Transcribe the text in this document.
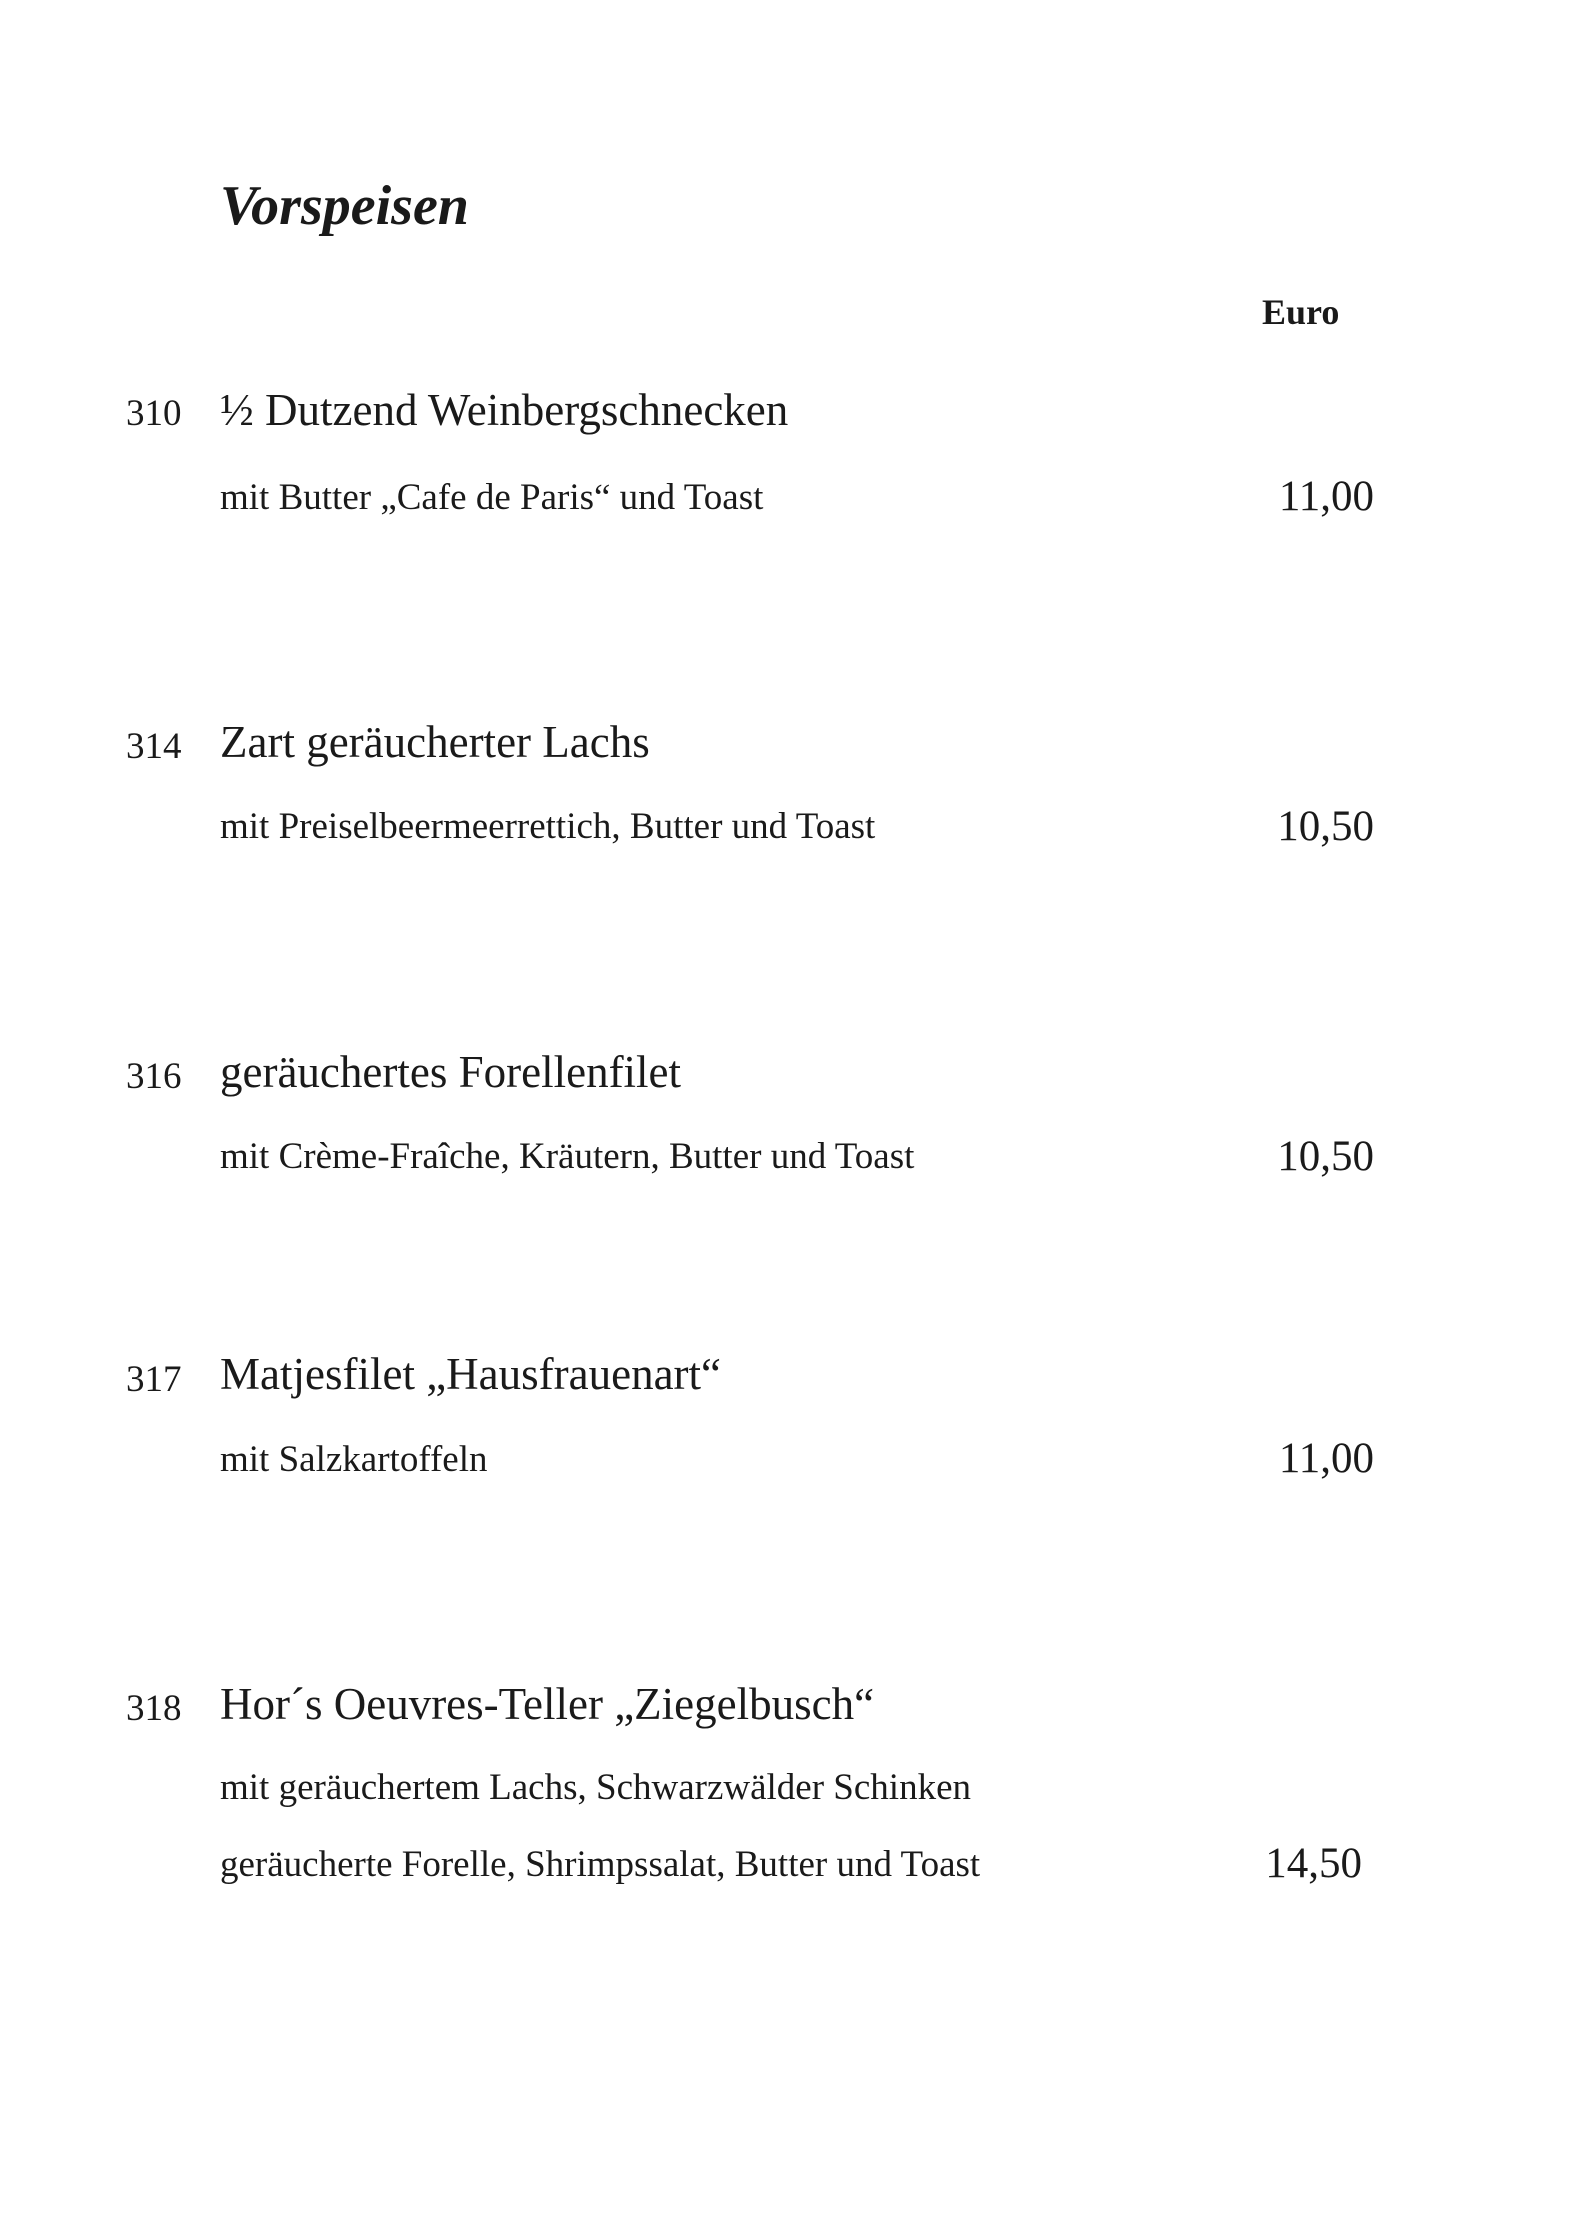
Vorspeisen
Euro
310 ½ Dutzend Weinbergschnecken
mit Butter „Cafe de Paris“ und Toast	11,00
314 Zart geräucherter Lachs
mit Preiselbeermeerrettich, Butter und Toast	10,50
316 geräuchertes Forellenfilet
mit Crème-Fraîche, Kräutern, Butter und Toast	10,50
317 Matjesfilet „Hausfrauenart“
mit Salzkartoffeln	11,00
318 Hor´s Oeuvres-Teller „Ziegelbusch“
mit geräuchertem Lachs, Schwarzwälder Schinken
geräucherte Forelle, Shrimpssalat, Butter und Toast	14,50
